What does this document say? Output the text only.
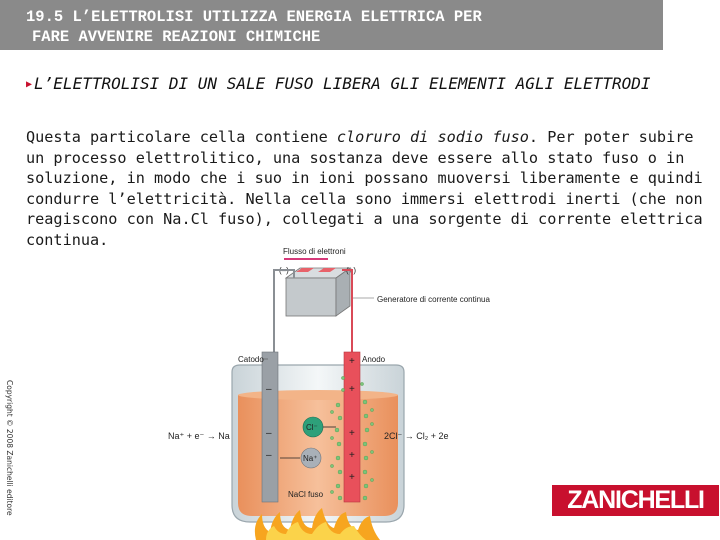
19.5 L’ELETTROLISI UTILIZZA ENERGIA ELETTRICA PER
FARE AVVENIRE REAZIONI CHIMICHE
▶ L’ELETTROLISI DI UN SALE FUSO LIBERA GLI ELEMENTI AGLI ELETTRODI
Questa particolare cella contiene cloruro di sodio fuso. Per poter subire un processo elettrolitico, una sostanza deve essere allo stato fuso o in soluzione, in modo che i suo in ioni possano muoversi liberamente e quindi condurre l’elettricità. Nella cella sono immersi elettrodi inerti (che non reagiscono con Na.Cl fuso), collegati a una sorgente di corrente elettrica continua.
Flusso di elettroni
(–)	(+)
Generatore di corrente continua
–
–
–
+
+
+
+
+
Cl⁻
Na⁺
Catodo	Anodo
Na⁺ + e⁻ → Na	2Cl⁻ → Cl₂ + 2e
NaCl fuso
Copyright © 2008 Zanichelli editore	ZANICHELLI
